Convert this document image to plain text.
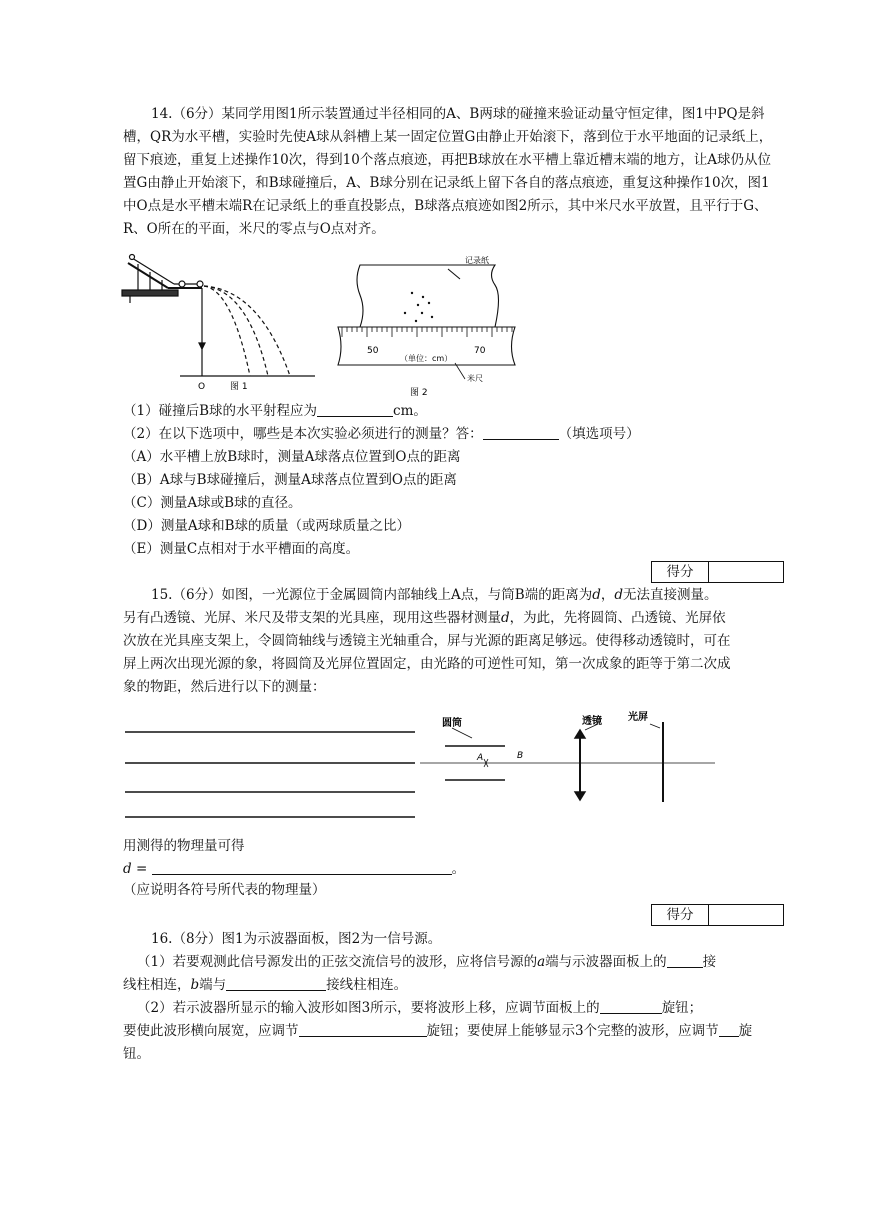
14.（6分）某同学用图1所示装置通过半径相同的A、B两球的碰撞来验证动量守恒定律，图1中PQ是斜槽，QR为水平槽，实验时先使A球从斜槽上某一固定位置G由静止开始滚下，落到位于水平地面的记录纸上，留下痕迹，重复上述操作10次，得到10个落点痕迹，再把B球放在水平槽上靠近槽末端的地方，让A球仍从位置G由静止开始滚下，和B球碰撞后，A、B球分别在记录纸上留下各自的落点痕迹，重复这种操作10次，图1中O点是水平槽末端R在记录纸上的垂直投影点，B球落点痕迹如图2所示，其中米尺水平放置，且平行于G、R、O所在的平面，米尺的零点与O点对齐。
O	图 1
记录纸
50	70
（单位：cm）
米尺
图 2
（1）碰撞后B球的水平射程应为	cm。
（2）在以下选项中，哪些是本次实验必须进行的测量？答：	（填选项号）
（A）水平槽上放B球时，测量A球落点位置到O点的距离
（B）A球与B球碰撞后，测量A球落点位置到O点的距离
（C）测量A球或B球的直径。
（D）测量A球和B球的质量（或两球质量之比）
（E）测量C点相对于水平槽面的高度。
得分
15.（6分）如图，一光源位于金属圆筒内部轴线上A点，与筒B端的距离为d，d无法直接测量。
另有凸透镜、光屏、米尺及带支架的光具座，现用这些器材测量d，为此，先将圆筒、凸透镜、光屏依
次放在光具座支架上，令圆筒轴线与透镜主光轴重合，屏与光源的距离足够远。使得移动透镜时，可在
屏上两次出现光源的象，将圆筒及光屏位置固定，由光路的可逆性可知，第一次成象的距等于第二次成
象的物距，然后进行以下的测量：
圆筒
A	B
透镜	光屏
用测得的物理量可得
d =	。
（应说明各符号所代表的物理量）
得分
16.（8分）图1为示波器面板，图2为一信号源。
（1）若要观测此信号源发出的正弦交流信号的波形，应将信号源的a端与示波器面板上的	接
线柱相连，b端与	接线柱相连。
（2）若示波器所显示的输入波形如图3所示，要将波形上移，应调节面板上的	旋钮；
要使此波形横向展宽，应调节	旋钮；要使屏上能够显示3个完整的波形，应调节 旋
钮。
